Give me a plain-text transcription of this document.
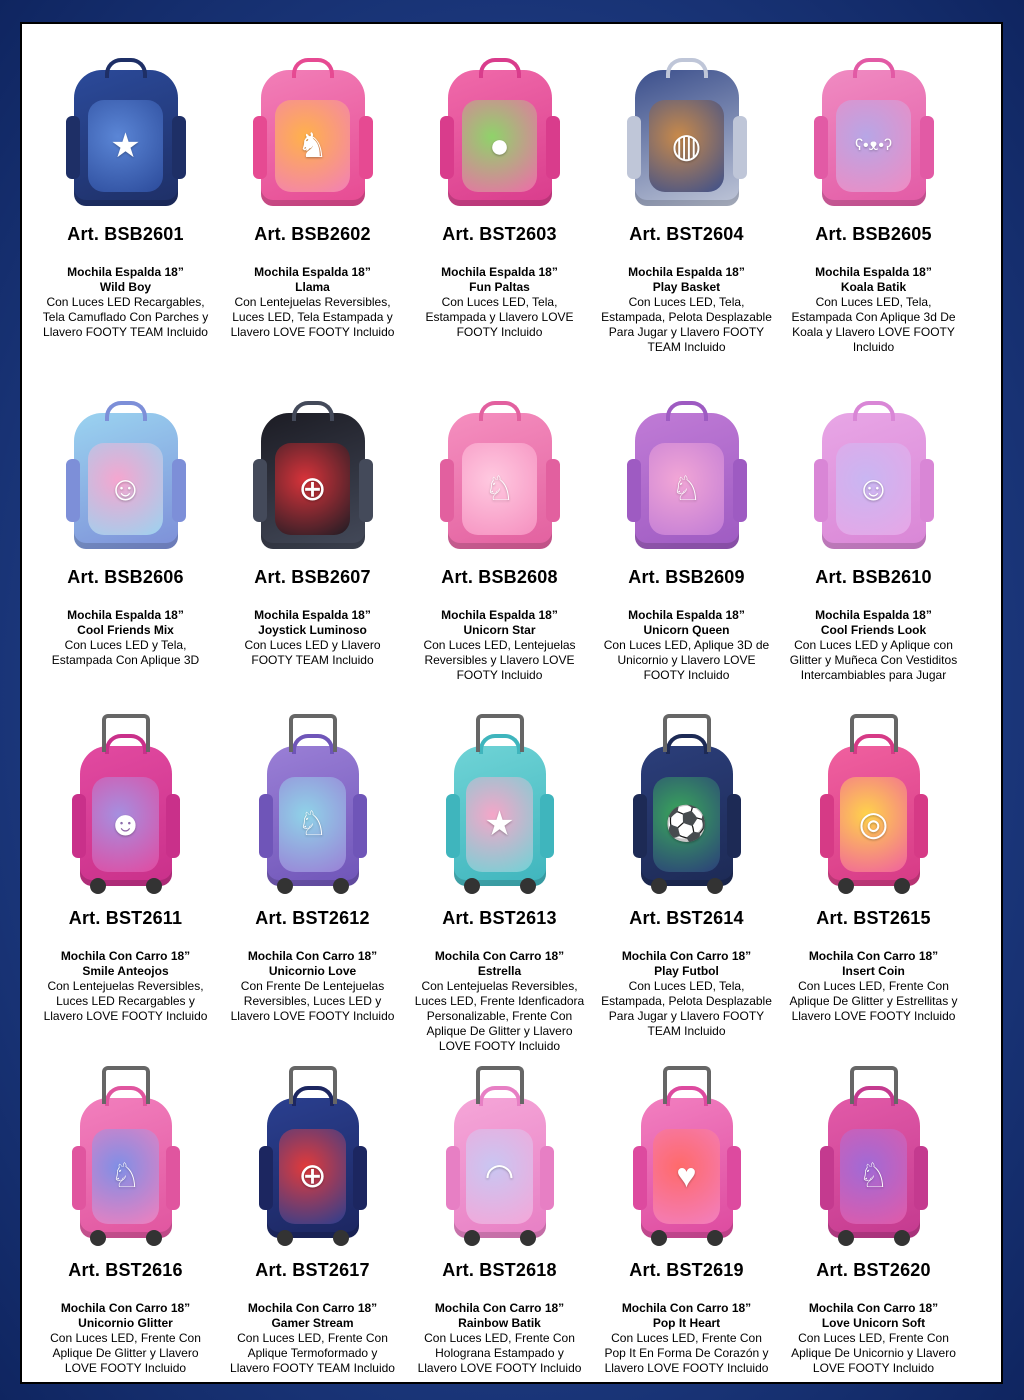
★
Art. BSB2601
Mochila Espalda 18”
Wild Boy
Con Luces LED Recargables, Tela Camuflado Con Parches y Llavero FOOTY TEAM Incluido
♞
Art. BSB2602
Mochila Espalda 18”
Llama
Con Lentejuelas Reversibles, Luces LED, Tela Estampada y Llavero LOVE FOOTY Incluido
●
Art. BST2603
Mochila Espalda 18”
Fun Paltas
Con Luces LED, Tela, Estampada y Llavero LOVE FOOTY Incluido
◍
Art. BST2604
Mochila Espalda 18”
Play Basket
Con Luces LED, Tela, Estampada, Pelota Desplazable Para Jugar y Llavero FOOTY TEAM Incluido
ʕ•ᴥ•ʔ
Art. BSB2605
Mochila Espalda 18”
Koala Batik
Con Luces LED, Tela, Estampada Con Aplique 3d De Koala y Llavero LOVE FOOTY Incluido
☺
Art. BSB2606
Mochila Espalda 18”
Cool Friends Mix
Con Luces LED y Tela, Estampada Con Aplique 3D
⊕
Art. BSB2607
Mochila Espalda 18”
Joystick Luminoso
Con Luces LED y Llavero FOOTY TEAM Incluido
♘
Art. BSB2608
Mochila Espalda 18”
Unicorn Star
Con Luces LED, Lentejuelas Reversibles y Llavero LOVE FOOTY Incluido
♘
Art. BSB2609
Mochila Espalda 18”
Unicorn Queen
Con Luces LED, Aplique 3D de Unicornio y Llavero LOVE FOOTY Incluido
☺
Art. BSB2610
Mochila Espalda 18”
Cool Friends Look
Con Luces LED y Aplique con Glitter y Muñeca Con Vestiditos Intercambiables para Jugar
☻
Art. BST2611
Mochila Con Carro 18”
Smile Anteojos
Con Lentejuelas Reversibles, Luces LED Recargables y Llavero LOVE FOOTY Incluido
♘
Art. BST2612
Mochila Con Carro 18”
Unicornio Love
Con Frente De Lentejuelas Reversibles, Luces LED y Llavero LOVE FOOTY Incluido
★
Art. BST2613
Mochila Con Carro 18”
Estrella
Con Lentejuelas Reversibles, Luces LED, Frente Idenficadora Personalizable, Frente Con Aplique De Glitter y Llavero LOVE FOOTY Incluido
⚽
Art. BST2614
Mochila Con Carro 18”
Play Futbol
Con Luces LED, Tela, Estampada, Pelota Desplazable Para Jugar y Llavero FOOTY TEAM Incluido
◎
Art. BST2615
Mochila Con Carro 18”
Insert Coin
Con Luces LED, Frente Con Aplique De Glitter y Estrellitas y Llavero LOVE FOOTY Incluido
♘
Art. BST2616
Mochila Con Carro 18”
Unicornio Glitter
Con Luces LED, Frente Con Aplique De Glitter y Llavero LOVE FOOTY Incluido
⊕
Art. BST2617
Mochila Con Carro 18”
Gamer Stream
Con Luces LED, Frente Con Aplique Termoformado y Llavero FOOTY TEAM Incluido
◠
Art. BST2618
Mochila Con Carro 18”
Rainbow Batik
Con Luces LED, Frente Con Holograna Estampado y Llavero LOVE FOOTY Incluido
♥
Art. BST2619
Mochila Con Carro 18”
Pop It Heart
Con Luces LED, Frente Con Pop It En Forma De Corazón y Llavero LOVE FOOTY Incluido
♘
Art. BST2620
Mochila Con Carro 18”
Love Unicorn Soft
Con Luces LED, Frente Con Aplique De Unicornio y Llavero LOVE FOOTY Incluido
